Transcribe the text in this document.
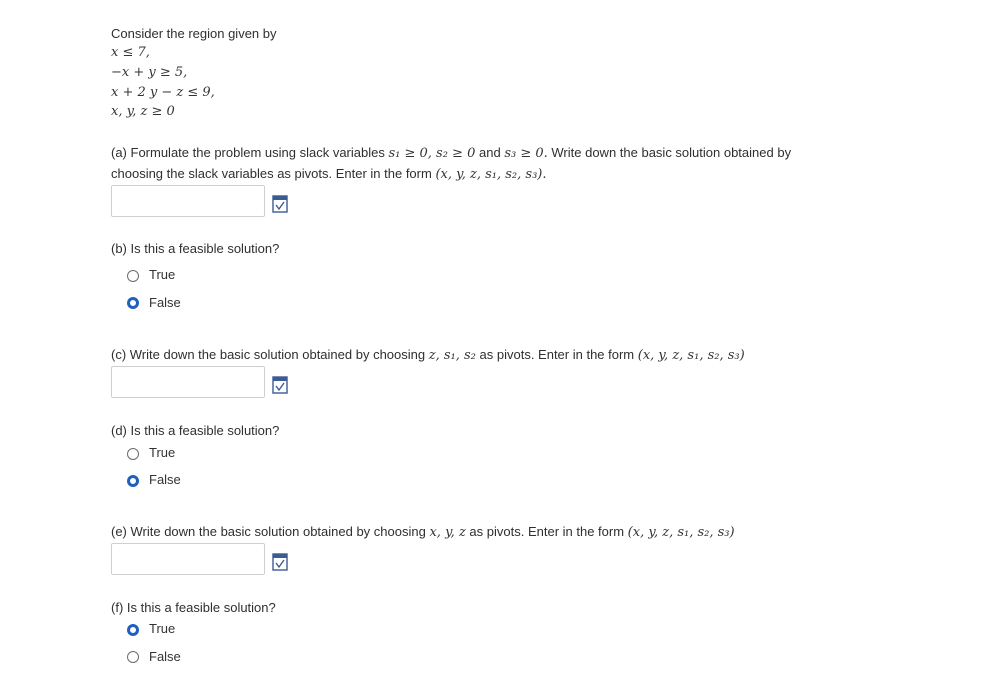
Consider the region given by
x ≤ 7,
−x + y ≥ 5,
x + 2 y − z ≤ 9,
x, y, z ≥ 0
(a) Formulate the problem using slack variables s₁ ≥ 0, s₂ ≥ 0 and s₃ ≥ 0. Write down the basic solution obtained by
choosing the slack variables as pivots. Enter in the form (x, y, z, s₁, s₂, s₃).
(b) Is this a feasible solution?
True
False
(c) Write down the basic solution obtained by choosing z, s₁, s₂ as pivots. Enter in the form (x, y, z, s₁, s₂, s₃)
(d) Is this a feasible solution?
True
False
(e) Write down the basic solution obtained by choosing x, y, z as pivots. Enter in the form (x, y, z, s₁, s₂, s₃)
(f) Is this a feasible solution?
True
False
